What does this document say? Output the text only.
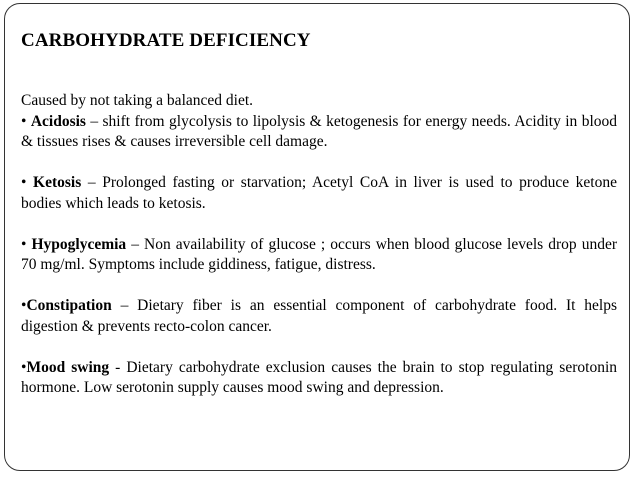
CARBOHYDRATE DEFICIENCY

Caused by not taking a balanced diet.

• Acidosis – shift from glycolysis to lipolysis & ketogenesis for energy needs. Acidity in blood & tissues rises & causes irreversible cell damage.

• Ketosis – Prolonged fasting or starvation; Acetyl CoA in liver is used to produce ketone bodies which leads to ketosis.

• Hypoglycemia – Non availability of glucose ; occurs when blood glucose levels drop under 70 mg/ml. Symptoms include giddiness, fatigue, distress.

•Constipation – Dietary fiber is an essential component of carbohydrate food. It helps digestion & prevents recto-colon cancer.

•Mood swing - Dietary carbohydrate exclusion causes the brain to stop regulating serotonin hormone. Low serotonin supply causes mood swing and depression.
